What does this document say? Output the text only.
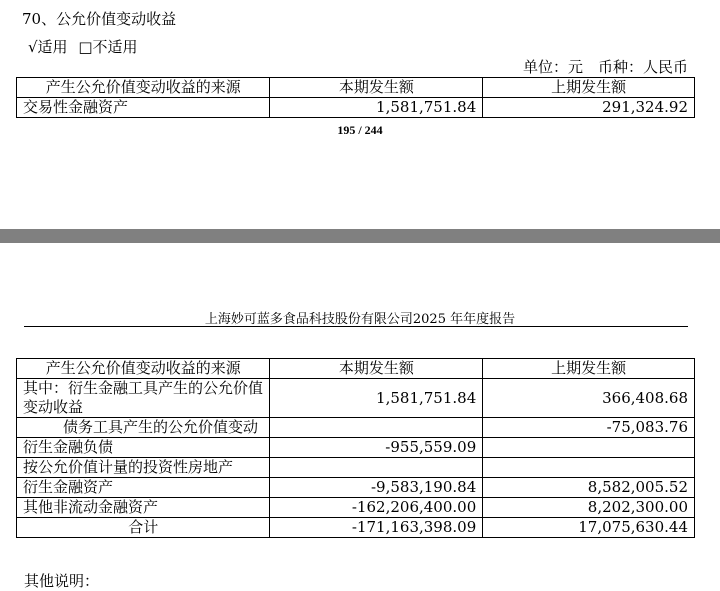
70、公允价值变动收益
√适用 □不适用
单位：元　币种：人民币
产生公允价值变动收益的来源	本期发生额	上期发生额
交易性金融资产	1,581,751.84	291,324.92
195 / 244
上海妙可蓝多食品科技股份有限公司2025 年年度报告
产生公允价值变动收益的来源	本期发生额	上期发生额
其中：衍生金融工具产生的公允价值变动收益	1,581,751.84	366,408.68
债务工具产生的公允价值变动		-75,083.76
衍生金融负债	-955,559.09	
按公允价值计量的投资性房地产		
衍生金融资产	-9,583,190.84	8,582,005.52
其他非流动金融资产	-162,206,400.00	8,202,300.00
合计	-171,163,398.09	17,075,630.44
其他说明：
